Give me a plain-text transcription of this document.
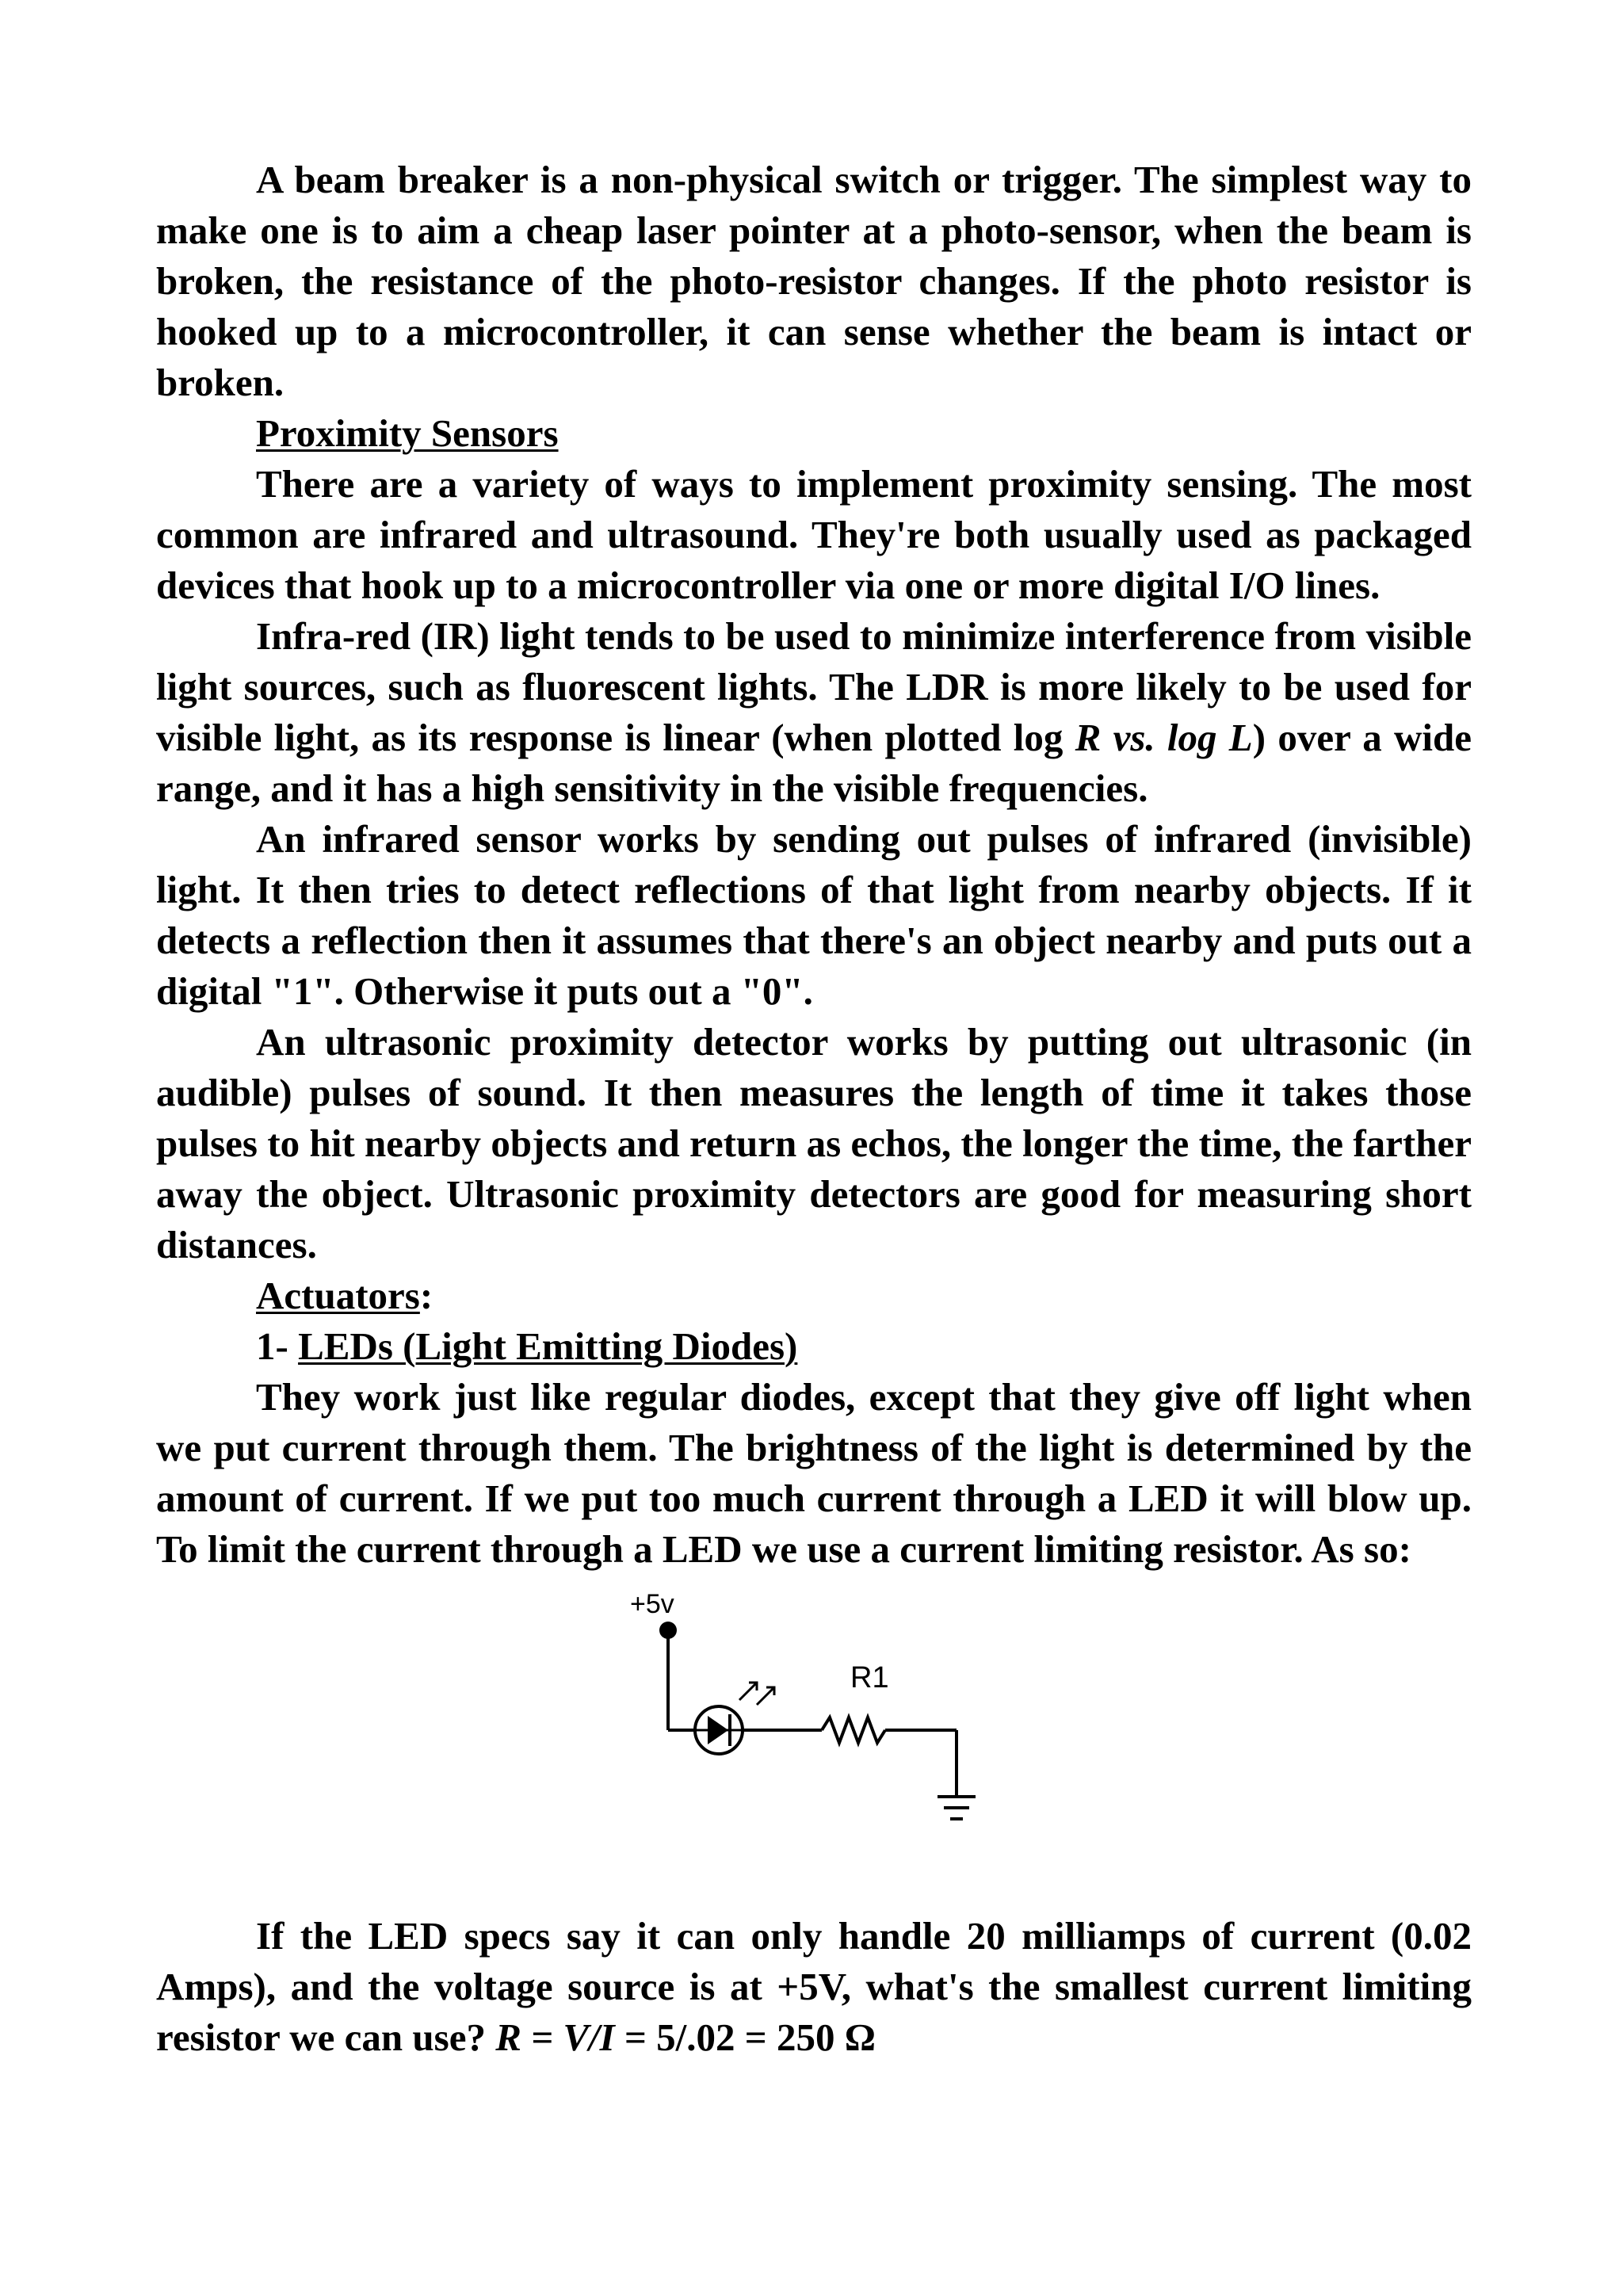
A beam breaker is a non-physical switch or trigger. The simplest way to make one is to aim a cheap laser pointer at a photo-sensor, when the beam is broken, the resistance of the photo-resistor changes. If the photo resistor is hooked up to a microcontroller, it can sense whether the beam is intact or broken.

Proximity Sensors

There are a variety of ways to implement proximity sensing. The most common are infrared and ultrasound. They're both usually used as packaged devices that hook up to a microcontroller via one or more digital I/O lines.

Infra-red (IR) light tends to be used to minimize interference from visible light sources, such as fluorescent lights. The LDR is more likely to be used for visible light, as its response is linear (when plotted log R vs. log L) over a wide range, and it has a high sensitivity in the visible frequencies.

An infrared sensor works by sending out pulses of infrared (invisible) light. It then tries to detect reflections of that light from nearby objects. If it detects a reflection then it assumes that there's an object nearby and puts out a digital "1". Otherwise it puts out a "0".

An ultrasonic proximity detector works by putting out ultrasonic (in audible) pulses of sound. It then measures the length of time it takes those pulses to hit nearby objects and return as echos, the longer the time, the farther away the object. Ultrasonic proximity detectors are good for measuring short distances.

Actuators:

1- LEDs (Light Emitting Diodes)

They work just like regular diodes, except that they give off light when we put current through them. The brightness of the light is determined by the amount of current. If we put too much current through a LED it will blow up. To limit the current through a LED we use a current limiting resistor. As so:

+5v
R1

If the LED specs say it can only handle 20 milliamps of current (0.02 Amps), and the voltage source is at +5V, what's the smallest current limiting resistor we can use? R = V/I = 5/.02 = 250 Ω
